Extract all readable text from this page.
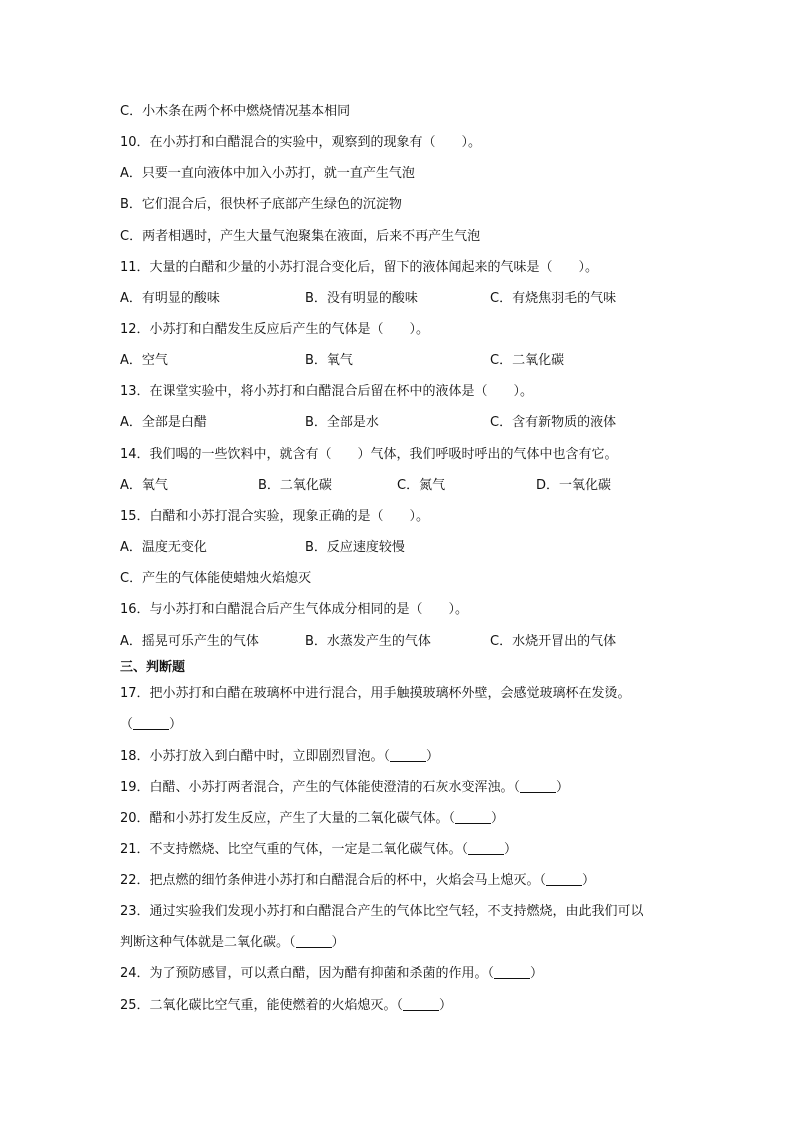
C．小木条在两个杯中燃烧情况基本相同
10．在小苏打和白醋混合的实验中，观察到的现象有（　　）。
A．只要一直向液体中加入小苏打，就一直产生气泡
B．它们混合后，很快杯子底部产生绿色的沉淀物
C．两者相遇时，产生大量气泡聚集在液面，后来不再产生气泡
11．大量的白醋和少量的小苏打混合变化后，留下的液体闻起来的气味是（　　）。
A．有明显的酸味	B．没有明显的酸味	C．有烧焦羽毛的气味
12．小苏打和白醋发生反应后产生的气体是（　　）。
A．空气	B．氧气	C．二氧化碳
13．在课堂实验中，将小苏打和白醋混合后留在杯中的液体是（　　）。
A．全部是白醋	B．全部是水	C．含有新物质的液体
14．我们喝的一些饮料中，就含有（　　）气体，我们呼吸时呼出的气体中也含有它。
A．氧气	B．二氧化碳	C．氮气	D．一氧化碳
15．白醋和小苏打混合实验，现象正确的是（　　）。
A．温度无变化	B．反应速度较慢
C．产生的气体能使蜡烛火焰熄灭
16．与小苏打和白醋混合后产生气体成分相同的是（　　）。
A．摇晃可乐产生的气体	B．水蒸发产生的气体	C．水烧开冒出的气体
三、判断题
17．把小苏打和白醋在玻璃杯中进行混合，用手触摸玻璃杯外壁，会感觉玻璃杯在发烫。
（	）
18．小苏打放入到白醋中时，立即剧烈冒泡。（	）
19．白醋、小苏打两者混合，产生的气体能使澄清的石灰水变浑浊。（	）
20．醋和小苏打发生反应，产生了大量的二氧化碳气体。（	）
21．不支持燃烧、比空气重的气体，一定是二氧化碳气体。（	）
22．把点燃的细竹条伸进小苏打和白醋混合后的杯中，火焰会马上熄灭。（	）
23．通过实验我们发现小苏打和白醋混合产生的气体比空气轻，不支持燃烧，由此我们可以
判断这种气体就是二氧化碳。（	）
24．为了预防感冒，可以煮白醋，因为醋有抑菌和杀菌的作用。（	）
25．二氧化碳比空气重，能使燃着的火焰熄灭。（	）
